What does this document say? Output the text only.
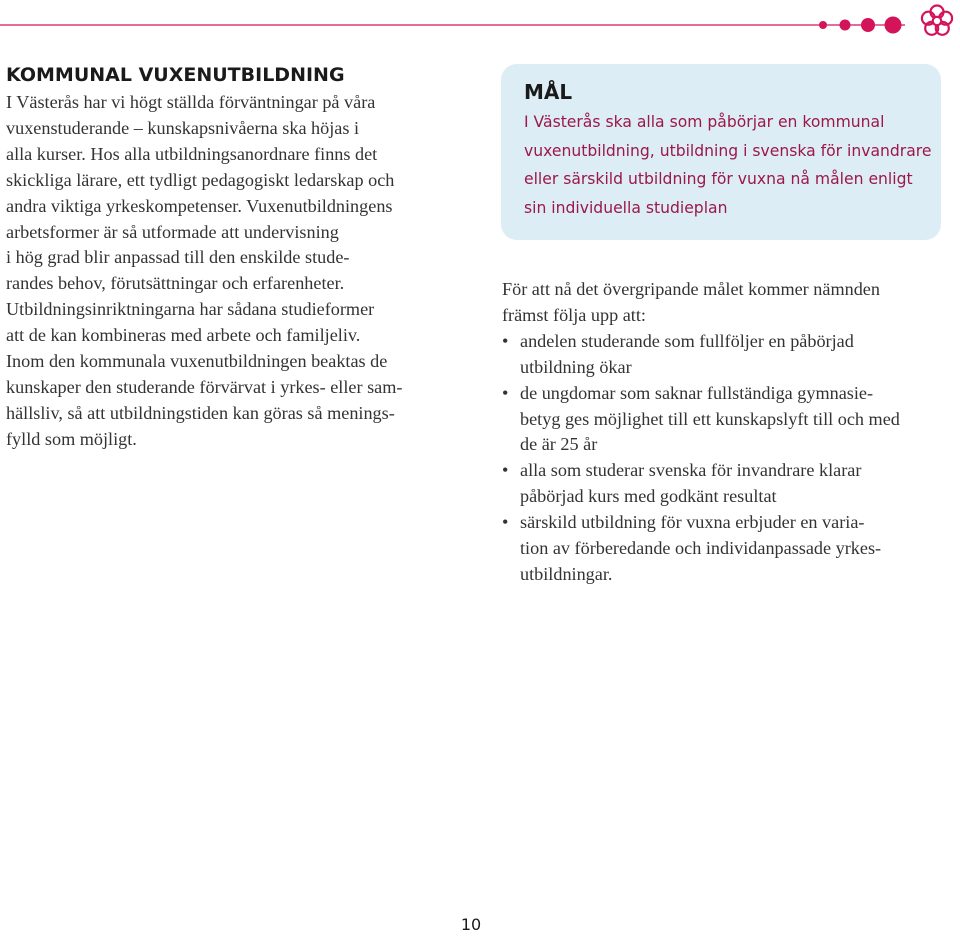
KOMMUNAL VUXENUTBILDNING

I Västerås har vi högt ställda förväntningar på våra
vuxenstuderande – kunskapsnivåerna ska höjas i
alla kurser. Hos alla utbildningsanordnare finns det
skickliga lärare, ett tydligt pedagogiskt ledarskap och
andra viktiga yrkeskompetenser. Vuxenutbildningens
arbetsformer är så utformade att undervisning
i hög grad blir anpassad till den enskilde stude-
randes behov, förutsättningar och erfarenheter.
Utbildningsinriktningarna har sådana studieformer
att de kan kombineras med arbete och familjeliv.
Inom den kommunala vuxenutbildningen beaktas de
kunskaper den studerande förvärvat i yrkes- eller sam-
hällsliv, så att utbildningstiden kan göras så menings-
fylld som möjligt.

MÅL

I Västerås ska alla som påbörjar en kommunal
vuxenutbildning, utbildning i svenska för invandrare
eller särskild utbildning för vuxna nå målen enligt
sin individuella studieplan

För att nå det övergripande målet kommer nämnden
främst följa upp att:

• andelen studerande som fullföljer en påbörjad
utbildning ökar
• de ungdomar som saknar fullständiga gymnasie-
betyg ges möjlighet till ett kunskapslyft till och med
de är 25 år
• alla som studerar svenska för invandrare klarar
påbörjad kurs med godkänt resultat
• särskild utbildning för vuxna erbjuder en varia-
tion av förberedande och individanpassade yrkes-
utbildningar.
10
